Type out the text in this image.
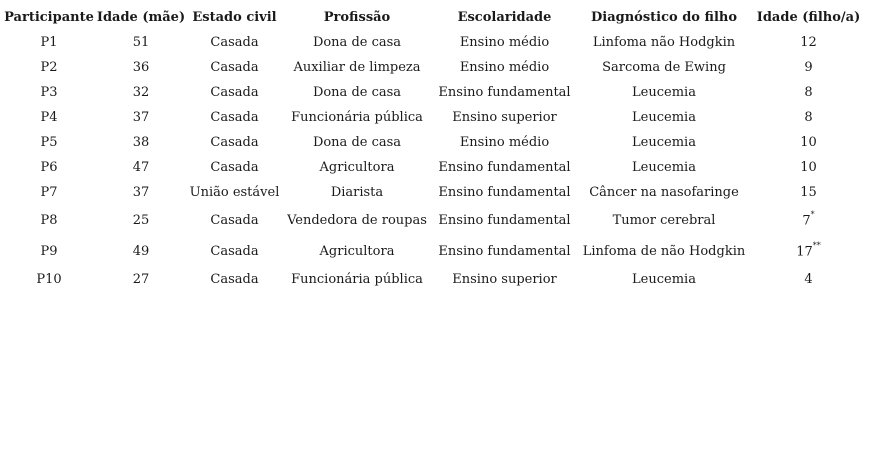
Participante	Idade (mãe)	Estado civil	Profissão	Escolaridade	Diagnóstico do filho	Idade (filho/a)
P1	51	Casada	Dona de casa	Ensino médio	Linfoma não Hodgkin	12
P2	36	Casada	Auxiliar de limpeza	Ensino médio	Sarcoma de Ewing	9
P3	32	Casada	Dona de casa	Ensino fundamental	Leucemia	8
P4	37	Casada	Funcionária pública	Ensino superior	Leucemia	8
P5	38	Casada	Dona de casa	Ensino médio	Leucemia	10
P6	47	Casada	Agricultora	Ensino fundamental	Leucemia	10
P7	37	União estável	Diarista	Ensino fundamental	Câncer na nasofaringe	15
P8	25	Casada	Vendedora de roupas	Ensino fundamental	Tumor cerebral	7*
P9	49	Casada	Agricultora	Ensino fundamental	Linfoma de não Hodgkin	17**
P10	27	Casada	Funcionária pública	Ensino superior	Leucemia	4
